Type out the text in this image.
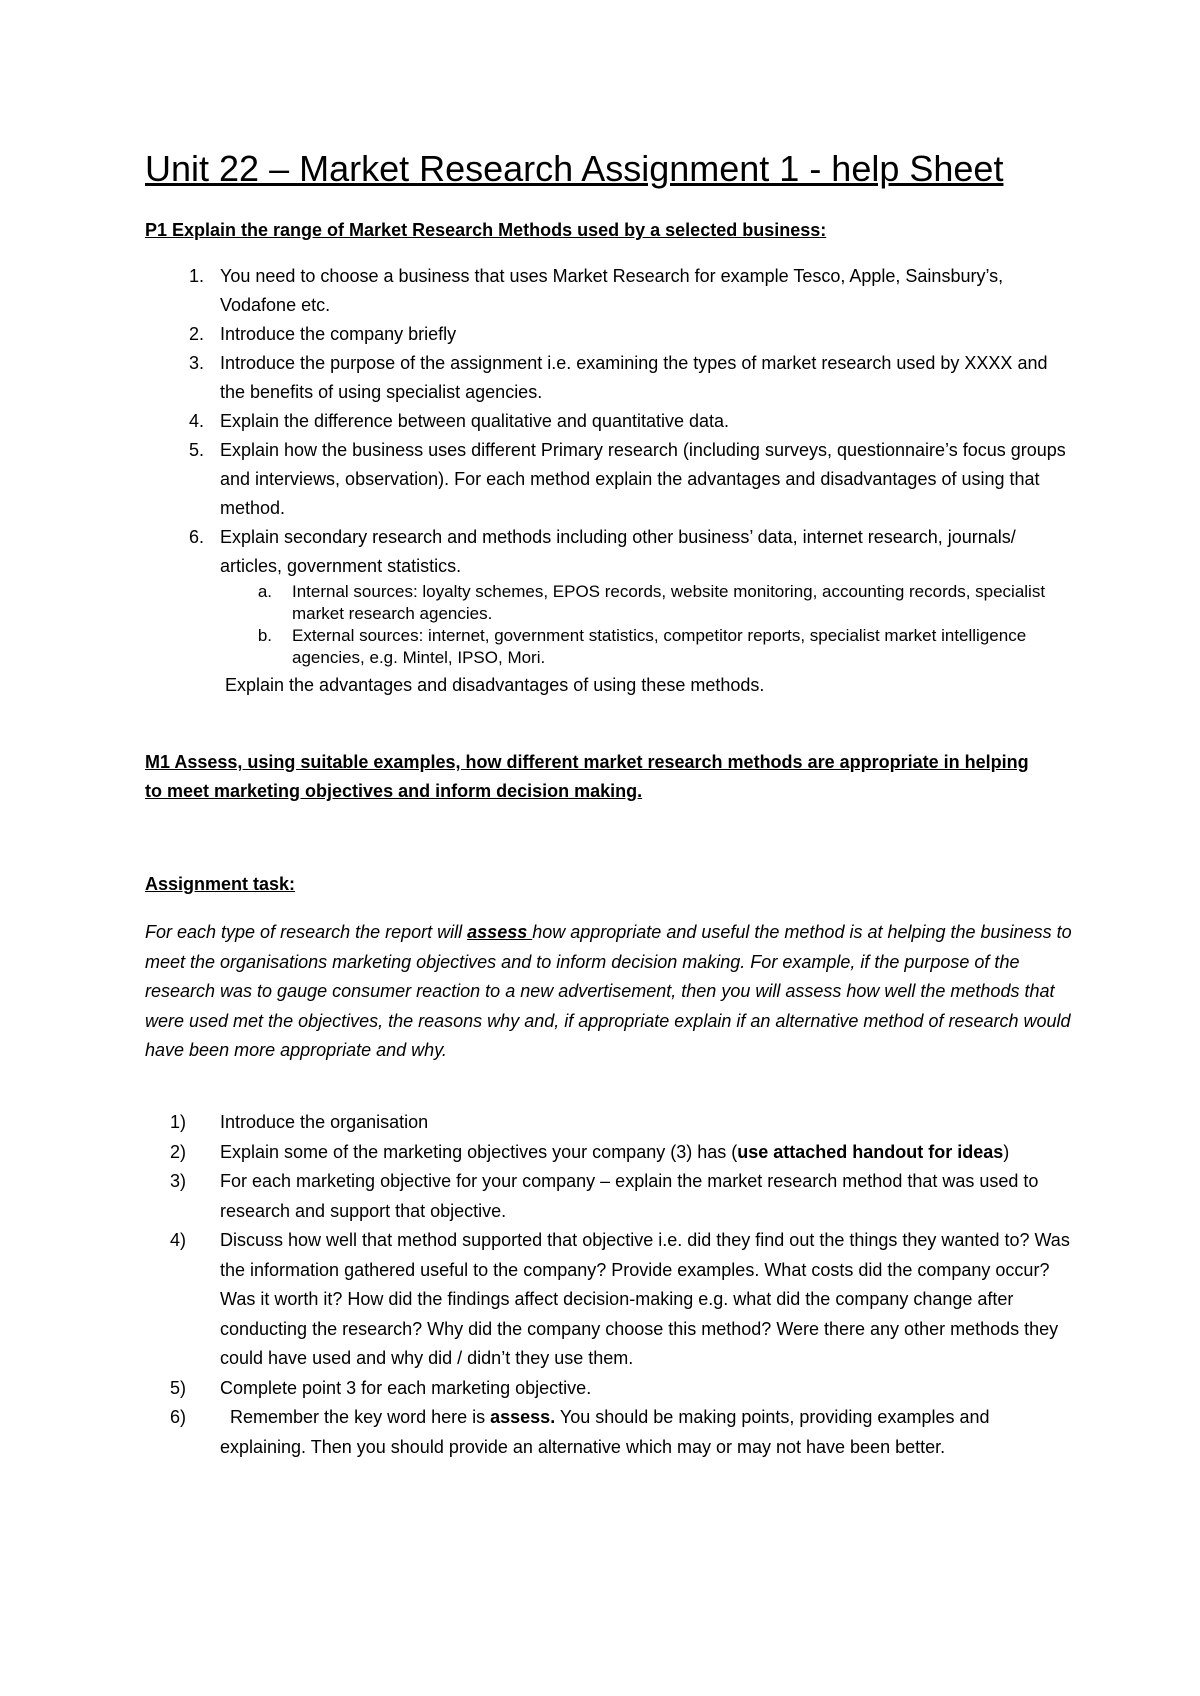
Unit 22 – Market Research Assignment 1 - help Sheet
P1 Explain the range of Market Research Methods used by a selected business:
1. You need to choose a business that uses Market Research for example Tesco, Apple, Sainsbury’s, Vodafone etc.
2. Introduce the company briefly
3. Introduce the purpose of the assignment i.e. examining the types of market research used by XXXX and the benefits of using specialist agencies.
4. Explain the difference between qualitative and quantitative data.
5. Explain how the business uses different Primary research (including surveys, questionnaire’s focus groups and interviews, observation). For each method explain the advantages and disadvantages of using that method.
6. Explain secondary research and methods including other business’ data, internet research, journals/ articles, government statistics.
a. Internal sources: loyalty schemes, EPOS records, website monitoring, accounting records, specialist market research agencies.
b. External sources: internet, government statistics, competitor reports, specialist market intelligence agencies, e.g. Mintel, IPSO, Mori.
Explain the advantages and disadvantages of using these methods.
M1 Assess, using suitable examples, how different market research methods are appropriate in helping to meet marketing objectives and inform decision making.
Assignment task:
For each type of research the report will assess how appropriate and useful the method is at helping the business to meet the organisations marketing objectives and to inform decision making. For example, if the purpose of the research was to gauge consumer reaction to a new advertisement, then you will assess how well the methods that were used met the objectives, the reasons why and, if appropriate explain if an alternative method of research would have been more appropriate and why.
1)	Introduce the organisation
2)	Explain some of the marketing objectives your company (3) has (use attached handout for ideas)
3)	For each marketing objective for your company – explain the market research method that was used to research and support that objective.
4)	Discuss how well that method supported that objective i.e. did they find out the things they wanted to? Was the information gathered useful to the company? Provide examples. What costs did the company occur? Was it worth it? How did the findings affect decision-making e.g. what did the company change after conducting the research? Why did the company choose this method? Were there any other methods they could have used and why did / didn’t they use them.
5)	Complete point 3 for each marketing objective.
6)	Remember the key word here is assess. You should be making points, providing examples and explaining. Then you should provide an alternative which may or may not have been better.
